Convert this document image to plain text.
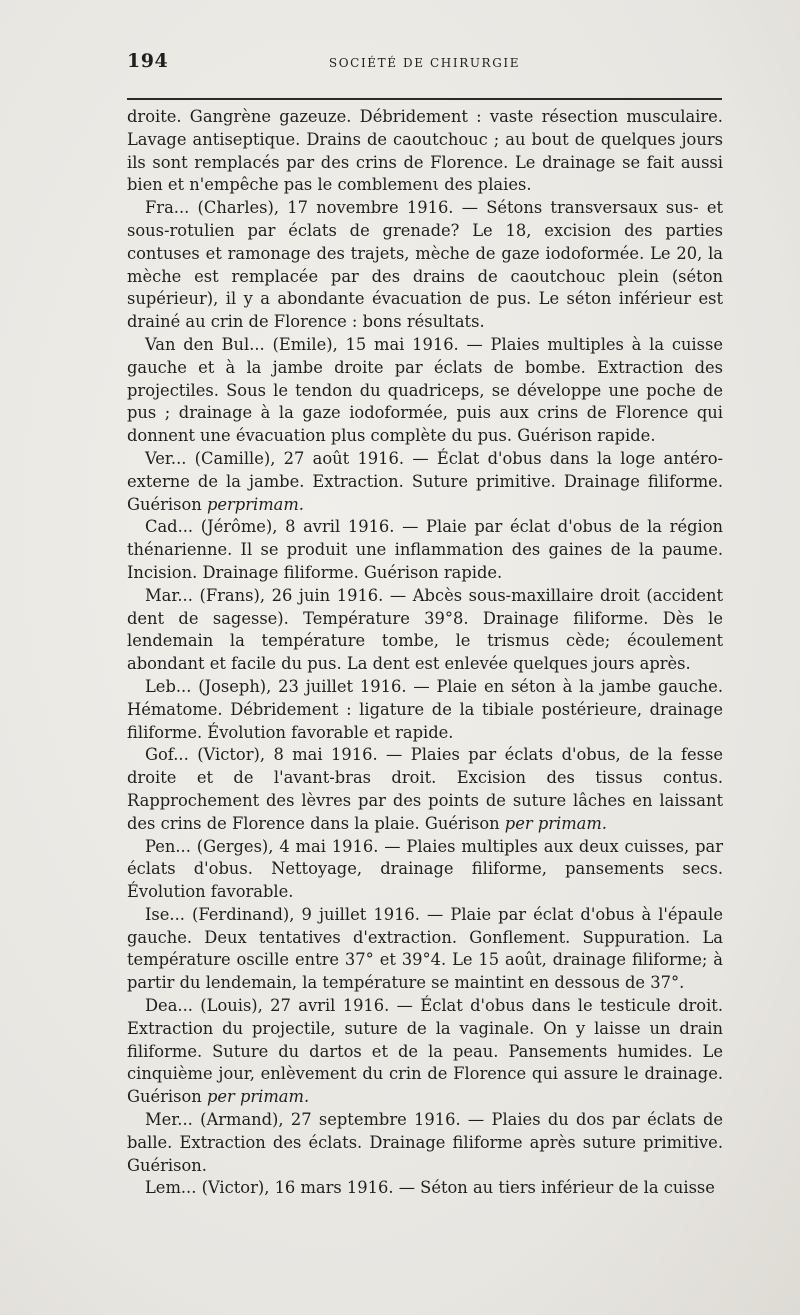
194	SOCIÉTÉ DE CHIRURGIE

droite. Gangrène gazeuze. Débridement : vaste résection musculaire. Lavage antiseptique. Drains de caoutchouc ; au bout de quelques jours ils sont remplacés par des crins de Florence. Le drainage se fait aussi bien et n'empêche pas le comblemenι des plaies.

Fra... (Charles), 17 novembre 1916. — Sétons transversaux sus- et sous-rotulien par éclats de grenade? Le 18, excision des parties contuses et ramonage des trajets, mèche de gaze iodoformée. Le 20, la mèche est remplacée par des drains de caoutchouc plein (séton supérieur), il y a abondante évacuation de pus. Le séton inférieur est drainé au crin de Florence : bons résultats.

Van den Bul... (Emile), 15 mai 1916. — Plaies multiples à la cuisse gauche et à la jambe droite par éclats de bombe. Extraction des projectiles. Sous le tendon du quadriceps, se développe une poche de pus ; drainage à la gaze iodoformée, puis aux crins de Florence qui donnent une évacuation plus complète du pus. Guérison rapide.

Ver... (Camille), 27 août 1916. — Éclat d'obus dans la loge antéro-externe de la jambe. Extraction. Suture primitive. Drainage filiforme. Guérison perprimam.

Cad... (Jérôme), 8 avril 1916. — Plaie par éclat d'obus de la région thénarienne. Il se produit une inflammation des gaines de la paume. Incision. Drainage filiforme. Guérison rapide.

Mar... (Frans), 26 juin 1916. — Abcès sous-maxillaire droit (accident dent de sagesse). Température 39°8. Drainage filiforme. Dès le lendemain la température tombe, le trismus cède; écoulement abondant et facile du pus. La dent est enlevée quelques jours après.

Leb... (Joseph), 23 juillet 1916. — Plaie en séton à la jambe gauche. Hématome. Débridement : ligature de la tibiale postérieure, drainage filiforme. Évolution favorable et rapide.

Gof... (Victor), 8 mai 1916. — Plaies par éclats d'obus, de la fesse droite et de l'avant-bras droit. Excision des tissus contus. Rapprochement des lèvres par des points de suture lâches en laissant des crins de Florence dans la plaie. Guérison per primam.

Pen... (Gerges), 4 mai 1916. — Plaies multiples aux deux cuisses, par éclats d'obus. Nettoyage, drainage filiforme, pansements secs. Évolution favorable.

Ise... (Ferdinand), 9 juillet 1916. — Plaie par éclat d'obus à l'épaule gauche. Deux tentatives d'extraction. Gonflement. Suppuration. La température oscille entre 37° et 39°4. Le 15 août, drainage filiforme; à partir du lendemain, la température se maintint en dessous de 37°.

Dea... (Louis), 27 avril 1916. — Éclat d'obus dans le testicule droit. Extraction du projectile, suture de la vaginale. On y laisse un drain filiforme. Suture du dartos et de la peau. Pansements humides. Le cinquième jour, enlèvement du crin de Florence qui assure le drainage. Guérison per primam.

Mer... (Armand), 27 septembre 1916. — Plaies du dos par éclats de balle. Extraction des éclats. Drainage filiforme après suture primitive. Guérison.

Lem... (Victor), 16 mars 1916. — Séton au tiers inférieur de la cuisse
